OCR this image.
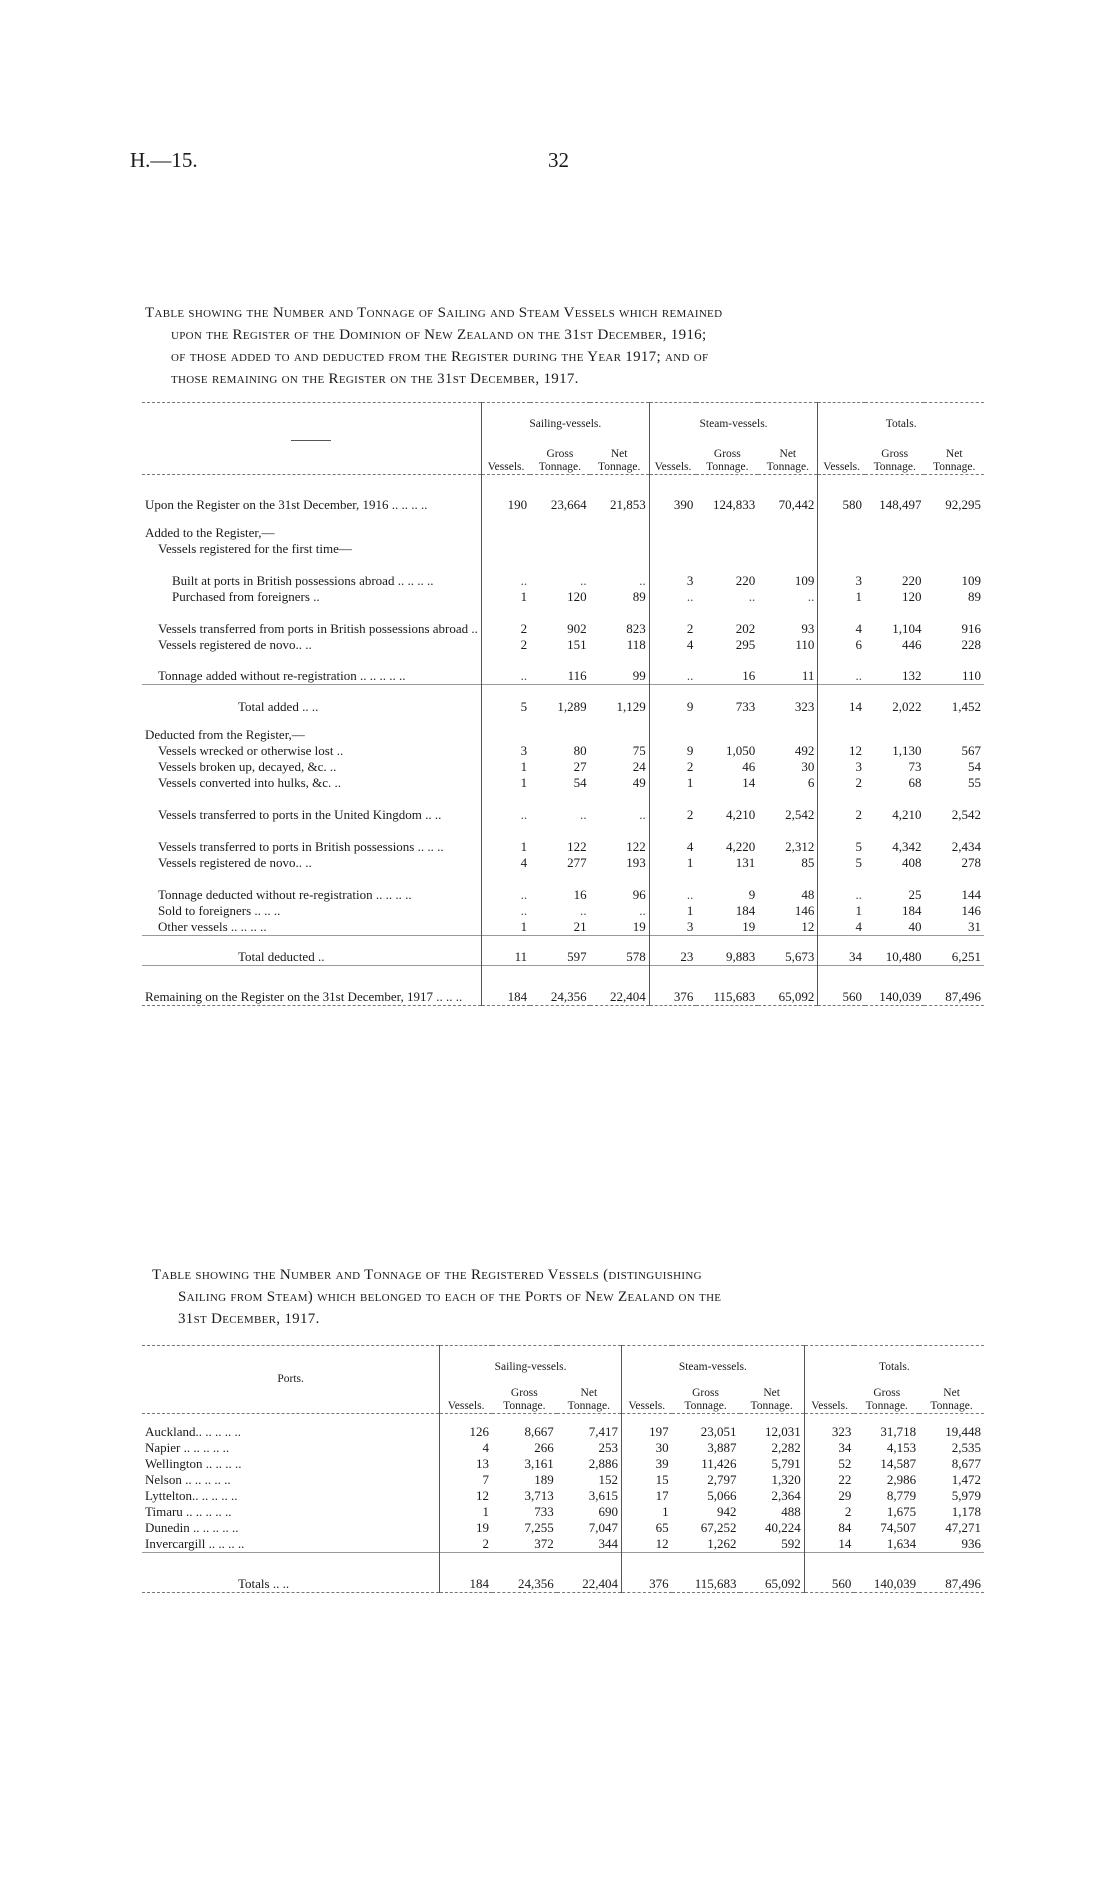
H.—15.	32
Table showing the Number and Tonnage of Sailing and Steam Vessels which remained
upon the Register of the Dominion of New Zealand on the 31st December, 1916;
of those added to and deducted from the Register during the Year 1917; and of
those remaining on the Register on the 31st December, 1917.
	Sailing-vessels.			Steam-vessels.			Totals.		
	Vessels.	Gross Tonnage.	Net Tonnage.	Vessels.	Gross Tonnage.	Net Tonnage.	Vessels.	Gross Tonnage.	Net Tonnage.
Upon the Register on the 31st December, 1916 .. .. .. ..	190	23,664	21,853	390	124,833	70,442	580	148,497	92,295
Added to the Register,—									
Vessels registered for the first time—									
Built at ports in British possessions abroad .. .. .. ..	..	..	..	3	220	109	3	220	109
Purchased from foreigners ..	1	120	89	..	..	..	1	120	89
Vessels transferred from ports in British possessions abroad ..	2	902	823	2	202	93	4	1,104	916
Vessels registered de novo.. ..	2	151	118	4	295	110	6	446	228
Tonnage added without re-registration .. .. .. .. ..	..	116	99	..	16	11	..	132	110
Total added .. ..	5	1,289	1,129	9	733	323	14	2,022	1,452
Deducted from the Register,—									
Vessels wrecked or otherwise lost ..	3	80	75	9	1,050	492	12	1,130	567
Vessels broken up, decayed, &c. ..	1	27	24	2	46	30	3	73	54
Vessels converted into hulks, &c. ..	1	54	49	1	14	6	2	68	55
Vessels transferred to ports in the United Kingdom .. ..	..	..	..	2	4,210	2,542	2	4,210	2,542
Vessels transferred to ports in British possessions .. .. ..	1	122	122	4	4,220	2,312	5	4,342	2,434
Vessels registered de novo.. ..	4	277	193	1	131	85	5	408	278
Tonnage deducted without re-registration .. .. .. ..	..	16	96	..	9	48	..	25	144
Sold to foreigners .. .. ..	..	..	..	1	184	146	1	184	146
Other vessels .. .. .. ..	1	21	19	3	19	12	4	40	31
Total deducted ..	11	597	578	23	9,883	5,673	34	10,480	6,251
Remaining on the Register on the 31st December, 1917 .. .. ..	184	24,356	22,404	376	115,683	65,092	560	140,039	87,496
Table showing the Number and Tonnage of the Registered Vessels (distinguishing
Sailing from Steam) which belonged to each of the Ports of New Zealand on the
31st December, 1917.
Ports.	Sailing-vessels.			Steam-vessels.			Totals.		
	Vessels.	Gross Tonnage.	Net Tonnage.	Vessels.	Gross Tonnage.	Net Tonnage.	Vessels.	Gross Tonnage.	Net Tonnage.
Auckland.. .. .. .. ..	126	8,667	7,417	197	23,051	12,031	323	31,718	19,448
Napier .. .. .. .. ..	4	266	253	30	3,887	2,282	34	4,153	2,535
Wellington .. .. .. ..	13	3,161	2,886	39	11,426	5,791	52	14,587	8,677
Nelson .. .. .. .. ..	7	189	152	15	2,797	1,320	22	2,986	1,472
Lyttelton.. .. .. .. ..	12	3,713	3,615	17	5,066	2,364	29	8,779	5,979
Timaru .. .. .. .. ..	1	733	690	1	942	488	2	1,675	1,178
Dunedin .. .. .. .. ..	19	7,255	7,047	65	67,252	40,224	84	74,507	47,271
Invercargill .. .. .. ..	2	372	344	12	1,262	592	14	1,634	936
Totals .. ..	184	24,356	22,404	376	115,683	65,092	560	140,039	87,496
